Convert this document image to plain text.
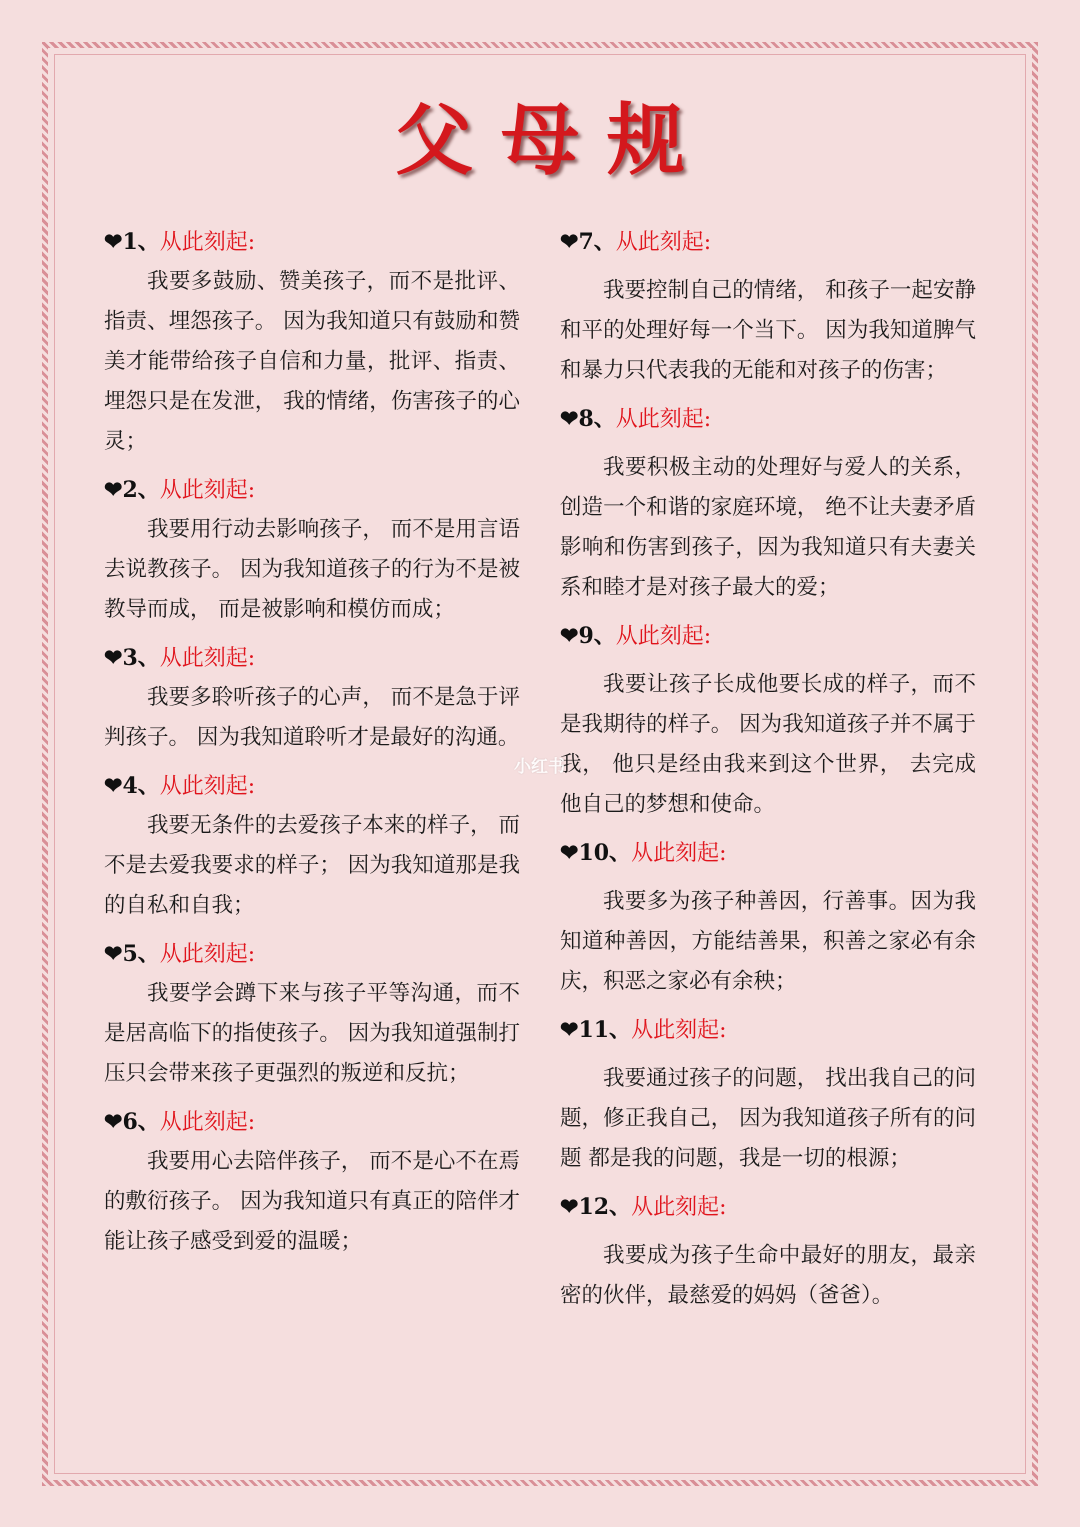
父母规
❤1、从此刻起:
我要多鼓励、赞美孩子，而不是批评、指责、埋怨孩子。 因为我知道只有鼓励和赞美才能带给孩子自信和力量，批评、指责、埋怨只是在发泄， 我的情绪，伤害孩子的心灵；
❤2、从此刻起:
我要用行动去影响孩子， 而不是用言语去说教孩子。 因为我知道孩子的行为不是被教导而成， 而是被影响和模仿而成；
❤3、从此刻起:
我要多聆听孩子的心声， 而不是急于评判孩子。 因为我知道聆听才是最好的沟通。
❤4、从此刻起:
我要无条件的去爱孩子本来的样子， 而不是去爱我要求的样子； 因为我知道那是我的自私和自我；
❤5、从此刻起:
我要学会蹲下来与孩子平等沟通，而不是居高临下的指使孩子。 因为我知道强制打压只会带来孩子更强烈的叛逆和反抗；
❤6、从此刻起:
我要用心去陪伴孩子， 而不是心不在焉的敷衍孩子。 因为我知道只有真正的陪伴才能让孩子感受到爱的温暖；
❤7、从此刻起:
我要控制自己的情绪， 和孩子一起安静和平的处理好每一个当下。 因为我知道脾气和暴力只代表我的无能和对孩子的伤害；
❤8、从此刻起:
我要积极主动的处理好与爱人的关系， 创造一个和谐的家庭环境， 绝不让夫妻矛盾影响和伤害到孩子，因为我知道只有夫妻关系和睦才是对孩子最大的爱；
❤9、从此刻起:
我要让孩子长成他要长成的样子，而不是我期待的样子。 因为我知道孩子并不属于我， 他只是经由我来到这个世界， 去完成他自己的梦想和使命。
❤10、从此刻起:
我要多为孩子种善因，行善事。因为我知道种善因，方能结善果，积善之家必有余庆，积恶之家必有余秧；
❤11、从此刻起:
我要通过孩子的问题， 找出我自己的问题，修正我自己， 因为我知道孩子所有的问题 都是我的问题，我是一切的根源；
❤12、从此刻起:
我要成为孩子生命中最好的朋友，最亲密的伙伴，最慈爱的妈妈（爸爸）。
小红书
